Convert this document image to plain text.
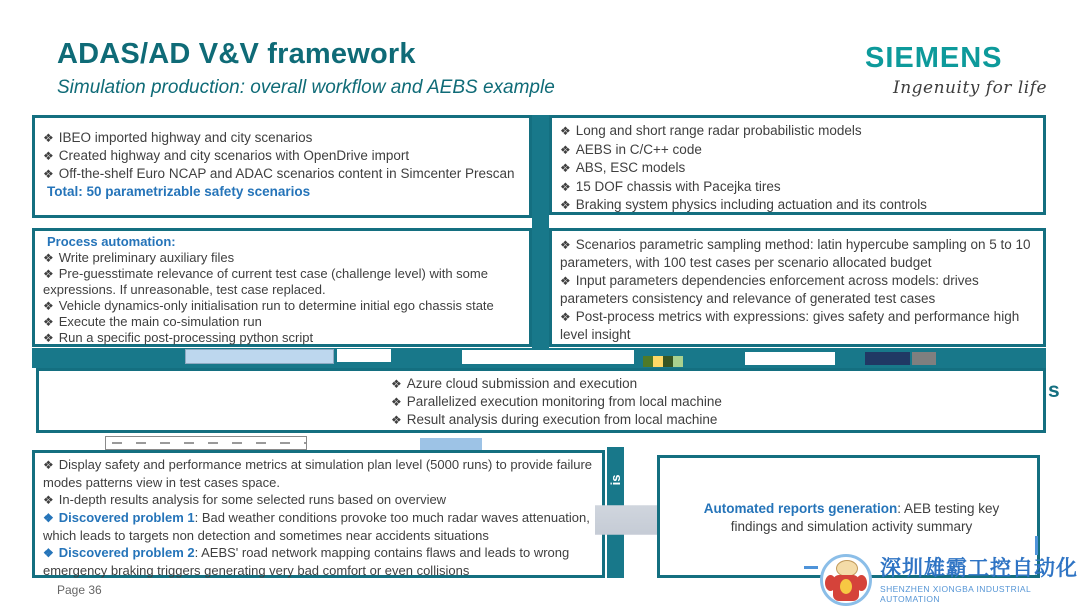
ADAS/AD V&V framework
Simulation production: overall workflow and AEBS example
SIEMENS
Ingenuity for life
❖ IBEO imported highway and city scenarios
❖ Created highway and city scenarios with OpenDrive import
❖ Off-the-shelf Euro NCAP and ADAC scenarios content in Simcenter Prescan
Total: 50 parametrizable safety scenarios
❖ Long and short range radar probabilistic models
❖ AEBS in C/C++ code
❖ ABS, ESC models
❖ 15 DOF chassis with Pacejka tires
❖ Braking system physics including actuation and its controls
Process automation:
❖ Write preliminary auxiliary files
❖ Pre-guesstimate relevance of current test case (challenge level) with some expressions. If unreasonable, test case replaced.
❖ Vehicle dynamics-only initialisation run to determine initial ego chassis state
❖ Execute the main co-simulation run
❖ Run a specific post-processing python script
❖ Scenarios parametric sampling method: latin hypercube sampling on 5 to 10 parameters, with 100 test cases per scenario allocated budget
❖ Input parameters dependencies enforcement across models: drives parameters consistency and relevance of generated test cases
❖ Post-process metrics with expressions: gives safety and performance high level insight
❖ Azure cloud submission and execution
❖ Parallelized execution monitoring from local machine
❖ Result analysis during execution from local machine
s
❖ Display safety and performance metrics at simulation plan level (5000 runs) to provide failure modes patterns view in test cases space.
❖ In-depth results analysis for some selected runs based on overview
❖ Discovered problem 1: Bad weather conditions provoke too much radar waves attenuation, which leads to targets non detection and sometimes near accidents situations
❖ Discovered problem 2: AEBS' road network mapping contains flaws and leads to wrong emergency braking triggers generating very bad comfort or even collisions
is
Automated reports generation: AEB testing key findings and simulation activity summary
Page 36
深圳雄霸工控自动化
SHENZHEN XIONGBA INDUSTRIAL AUTOMATION
